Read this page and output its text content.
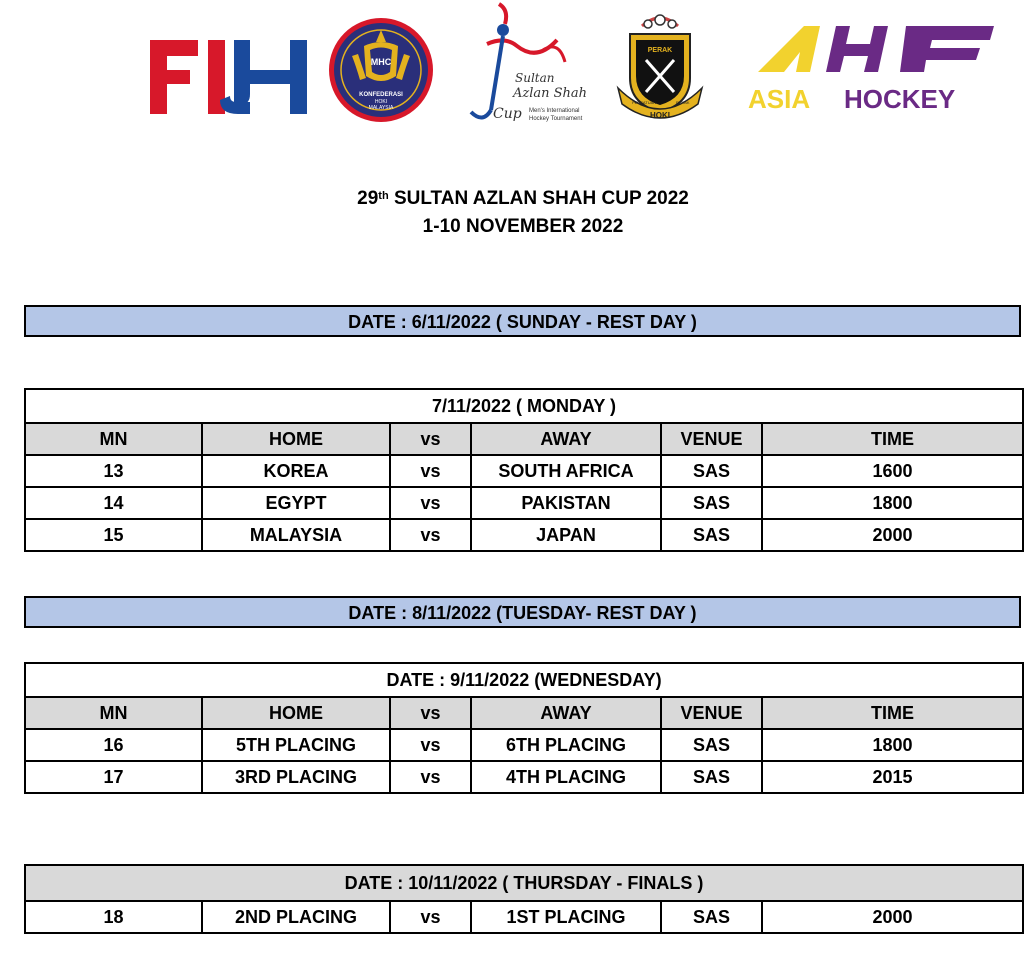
MHC
KONFEDERASI
HOKI
MALAYSIA
Sultan
Azlan Shah
Cup Men's International
Hockey Tournament
PERAK
PERSATUAN	PERAK
HOKI
ASIA HOCKEY
29th SULTAN AZLAN SHAH CUP 2022
1-10 NOVEMBER 2022
DATE : 6/11/2022 ( SUNDAY - REST DAY )
7/11/2022 ( MONDAY )					
MN	HOME	vs	AWAY	VENUE	TIME
13	KOREA	vs	SOUTH AFRICA	SAS	1600
14	EGYPT	vs	PAKISTAN	SAS	1800
15	MALAYSIA	vs	JAPAN	SAS	2000
DATE : 8/11/2022 (TUESDAY- REST DAY )
DATE : 9/11/2022 (WEDNESDAY)					
MN	HOME	vs	AWAY	VENUE	TIME
16	5TH PLACING	vs	6TH PLACING	SAS	1800
17	3RD PLACING	vs	4TH PLACING	SAS	2015
DATE : 10/11/2022 ( THURSDAY - FINALS )
18	2ND PLACING	vs	1ST PLACING	SAS	2000
